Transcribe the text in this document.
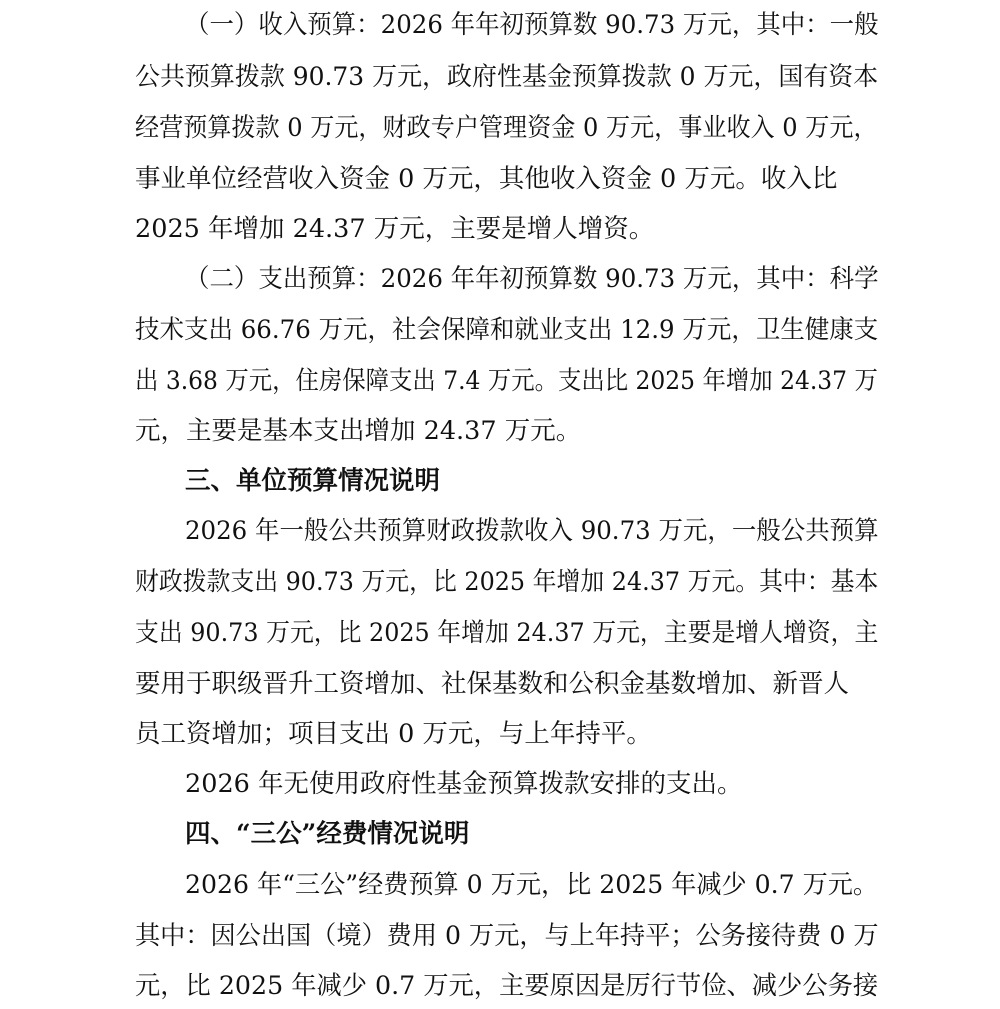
（一）收入预算：2026 年年初预算数 90.73 万元，其中：一般
公共预算拨款 90.73 万元，政府性基金预算拨款 0 万元，国有资本
经营预算拨款 0 万元，财政专户管理资金 0 万元，事业收入 0 万元，
事业单位经营收入资金 0 万元，其他收入资金 0 万元。收入比
2025 年增加 24.37 万元，主要是增人增资。
（二）支出预算：2026 年年初预算数 90.73 万元，其中：科学
技术支出 66.76 万元，社会保障和就业支出 12.9 万元，卫生健康支
出 3.68 万元，住房保障支出 7.4 万元。支出比 2025 年增加 24.37 万
元，主要是基本支出增加 24.37 万元。
三、单位预算情况说明
2026 年一般公共预算财政拨款收入 90.73 万元，一般公共预算
财政拨款支出 90.73 万元，比 2025 年增加 24.37 万元。其中：基本
支出 90.73 万元，比 2025 年增加 24.37 万元，主要是增人增资，主
要用于职级晋升工资增加、社保基数和公积金基数增加、新晋人
员工资增加；项目支出 0 万元，与上年持平。
2026 年无使用政府性基金预算拨款安排的支出。
四、“三公”经费情况说明
2026 年“三公”经费预算 0 万元，比 2025 年减少 0.7 万元。
其中：因公出国（境）费用 0 万元，与上年持平；公务接待费 0 万
元，比 2025 年减少 0.7 万元，主要原因是厉行节俭、减少公务接
